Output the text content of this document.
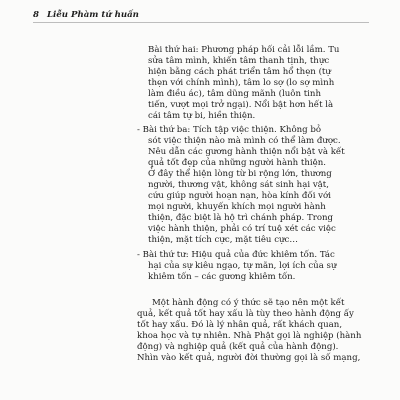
8 Liễu Phàm tứ huấn
Bài thứ hai: Phương pháp hối cải lỗi lầm. Tu
sửa tâm mình, khiến tâm thanh tịnh, thực
hiện bằng cách phát triển tâm hổ thẹn (tự
thẹn với chính mình), tâm lo sợ (lo sợ mình
làm điều ác), tâm dũng mãnh (luôn tinh
tiến, vượt mọi trở ngại). Nổi bật hơn hết là
cái tâm tự bi, hiền thiện.
- Bài thứ ba: Tích tập việc thiện. Không bỏ
sót việc thiện nào mà mình có thể làm được.
Nêu dẫn các gương hành thiện nổi bật và kết
quả tốt đẹp của những người hành thiện.
Ở đây thể hiện lòng từ bi rộng lớn, thương
người, thương vật, không sát sinh hại vật,
cứu giúp người hoạn nạn, hòa kính đối với
mọi người, khuyến khích mọi người hành
thiện, đặc biệt là hộ trì chánh pháp. Trong
việc hành thiện, phải có trí tuệ xét các việc
thiện, mặt tích cực, mặt tiêu cực…
- Bài thứ tư: Hiệu quả của đức khiêm tốn. Tác
hại của sự kiêu ngạo, tự mãn, lợi ích của sự
khiêm tốn – các gương khiêm tốn.
Một hành động có ý thức sẽ tạo nên một kết
quả, kết quả tốt hay xấu là tùy theo hành động ấy
tốt hay xấu. Đó là lý nhân quả, rất khách quan,
khoa học và tự nhiên. Nhà Phật gọi là nghiệp (hành
động) và nghiệp quả (kết quả của hành động).
Nhìn vào kết quả, người đời thường gọi là số mạng,
